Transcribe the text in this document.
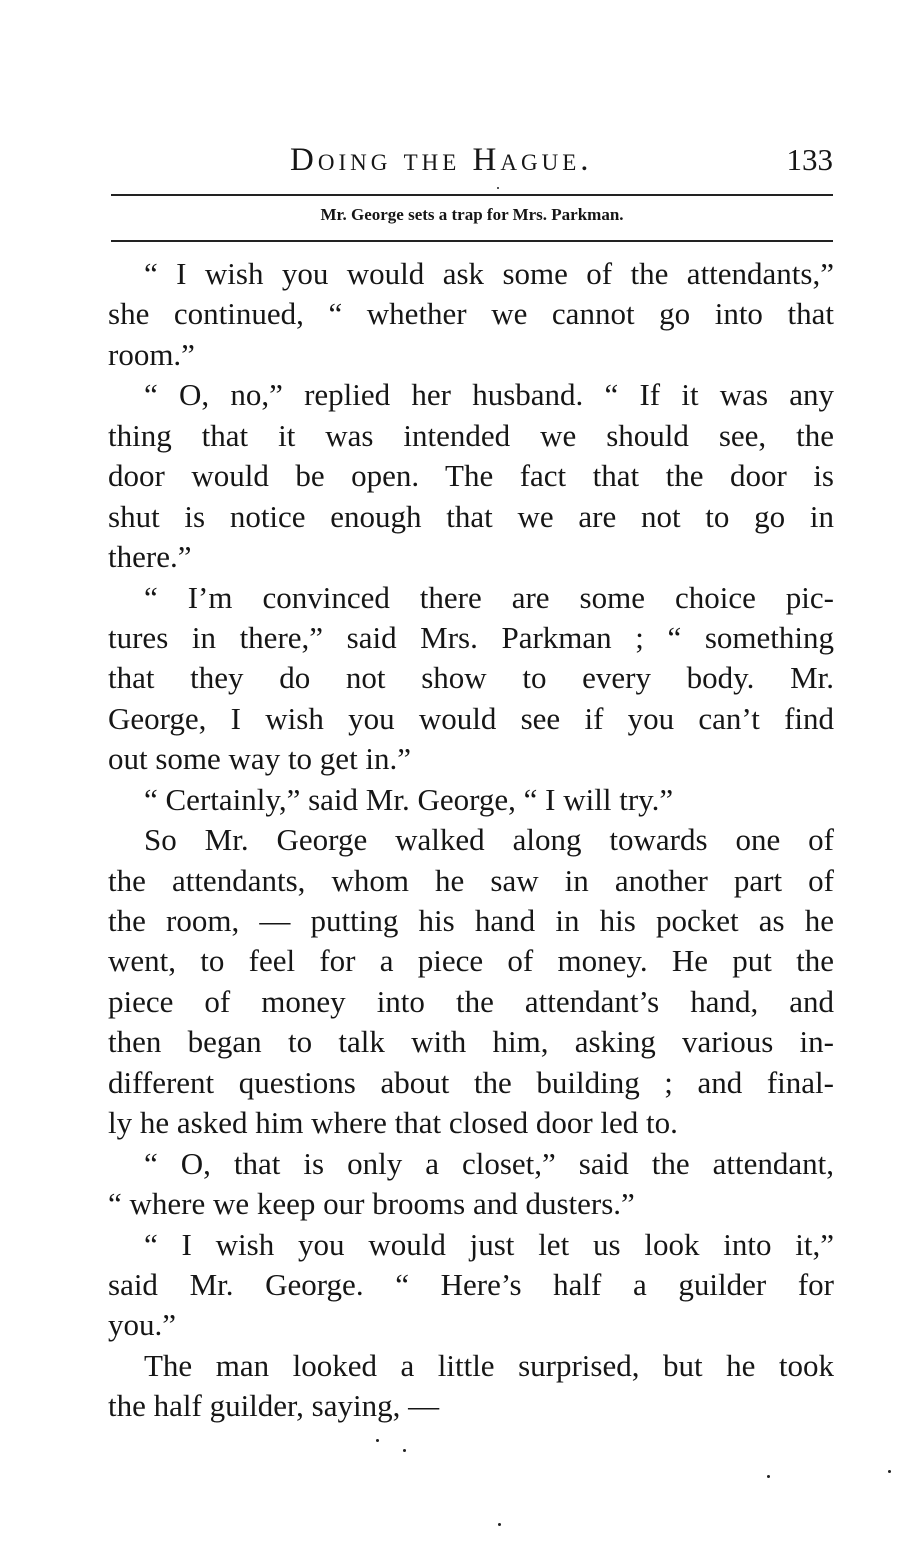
Doing the Hague.	133
Mr. George sets a trap for Mrs. Parkman.
“ I wish you would ask some of the attendants,”
she continued, “ whether we cannot go into that
room.”
“ O, no,” replied her husband. “ If it was any
thing that it was intended we should see, the
door would be open. The fact that the door is
shut is notice enough that we are not to go in
there.”
“ I’m convinced there are some choice pic-
tures in there,” said Mrs. Parkman ; “ something
that they do not show to every body. Mr.
George, I wish you would see if you can’t find
out some way to get in.”
“ Certainly,” said Mr. George, “ I will try.”
So Mr. George walked along towards one of
the attendants, whom he saw in another part of
the room, — putting his hand in his pocket as he
went, to feel for a piece of money. He put the
piece of money into the attendant’s hand, and
then began to talk with him, asking various in-
different questions about the building ; and final-
ly he asked him where that closed door led to.
“ O, that is only a closet,” said the attendant,
“ where we keep our brooms and dusters.”
“ I wish you would just let us look into it,”
said Mr. George. “ Here’s half a guilder for
you.”
The man looked a little surprised, but he took
the half guilder, saying, —
